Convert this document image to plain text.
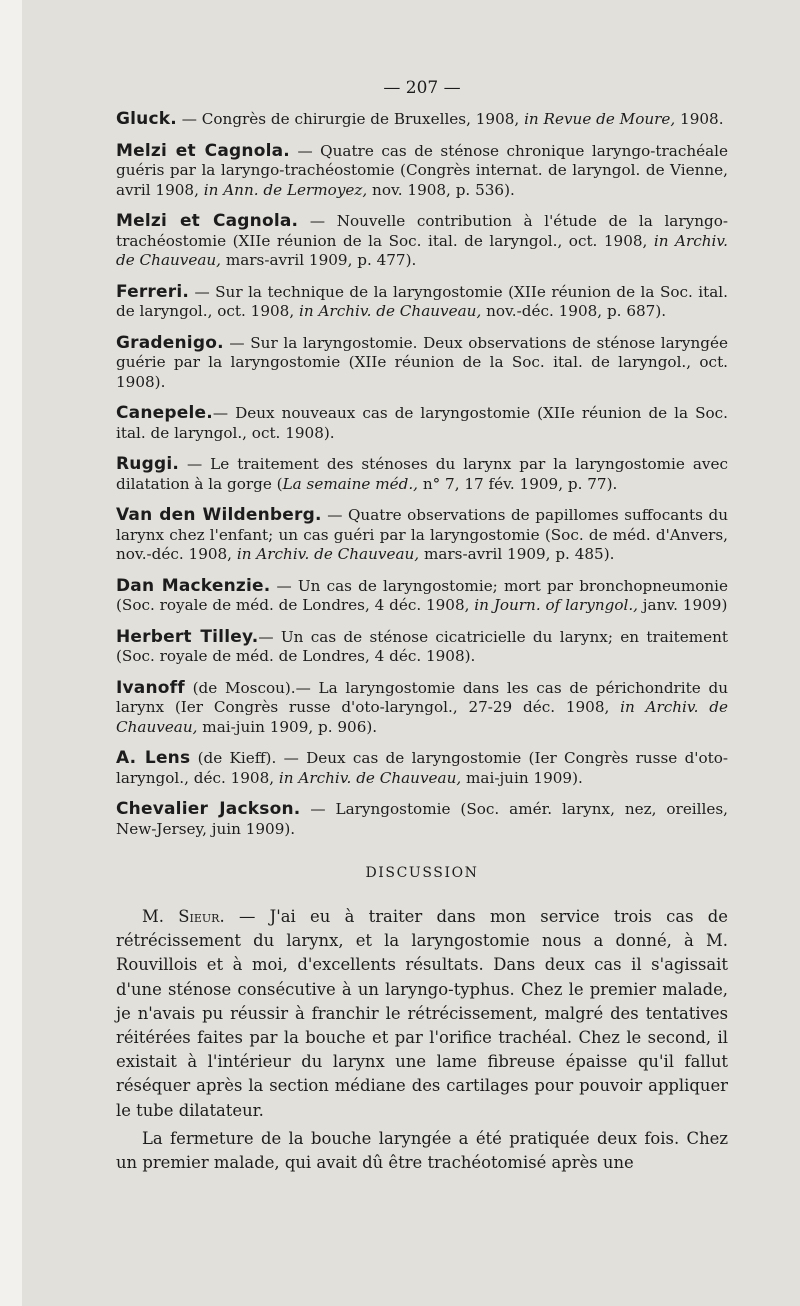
— 207 —

Gluck. — Congrès de chirurgie de Bruxelles, 1908, in Revue de Moure, 1908.

Melzi et Cagnola. — Quatre cas de sténose chronique laryngo-trachéale guéris par la laryngo-trachéostomie (Congrès internat. de laryngol. de Vienne, avril 1908, in Ann. de Lermoyez, nov. 1908, p. 536).

Melzi et Cagnola. — Nouvelle contribution à l'étude de la laryngo-trachéostomie (XIIe réunion de la Soc. ital. de laryngol., oct. 1908, in Archiv. de Chauveau, mars-avril 1909, p. 477).

Ferreri. — Sur la technique de la laryngostomie (XIIe réunion de la Soc. ital. de laryngol., oct. 1908, in Archiv. de Chauveau, nov.-déc. 1908, p. 687).

Gradenigo. — Sur la laryngostomie. Deux observations de sténose laryngée guérie par la laryngostomie (XIIe réunion de la Soc. ital. de laryngol., oct. 1908).

Canepele.— Deux nouveaux cas de laryngostomie (XIIe réunion de la Soc. ital. de laryngol., oct. 1908).

Ruggi. — Le traitement des sténoses du larynx par la laryngostomie avec dilatation à la gorge (La semaine méd., n° 7, 17 fév. 1909, p. 77).

Van den Wildenberg. — Quatre observations de papillomes suffocants du larynx chez l'enfant; un cas guéri par la laryngostomie (Soc. de méd. d'Anvers, nov.-déc. 1908, in Archiv. de Chauveau, mars-avril 1909, p. 485).

Dan Mackenzie. — Un cas de laryngostomie; mort par bronchopneumonie (Soc. royale de méd. de Londres, 4 déc. 1908, in Journ. of laryngol., janv. 1909)

Herbert Tilley.— Un cas de sténose cicatricielle du larynx; en traitement (Soc. royale de méd. de Londres, 4 déc. 1908).

Ivanoff (de Moscou).— La laryngostomie dans les cas de périchondrite du larynx (Ier Congrès russe d'oto-laryngol., 27-29 déc. 1908, in Archiv. de Chauveau, mai-juin 1909, p. 906).

A. Lens (de Kieff). — Deux cas de laryngostomie (Ier Congrès russe d'oto-laryngol., déc. 1908, in Archiv. de Chauveau, mai-juin 1909).

Chevalier Jackson. — Laryngostomie (Soc. amér. larynx, nez, oreilles, New-Jersey, juin 1909).

DISCUSSION

M. Sieur. — J'ai eu à traiter dans mon service trois cas de rétrécissement du larynx, et la laryngostomie nous a donné, à M. Rouvillois et à moi, d'excellents résultats. Dans deux cas il s'agissait d'une sténose consécutive à un laryngo-typhus. Chez le premier malade, je n'avais pu réussir à franchir le rétrécissement, malgré des tentatives réitérées faites par la bouche et par l'orifice trachéal. Chez le second, il existait à l'intérieur du larynx une lame fibreuse épaisse qu'il fallut réséquer après la section médiane des cartilages pour pouvoir appliquer le tube dilatateur.

La fermeture de la bouche laryngée a été pratiquée deux fois. Chez un premier malade, qui avait dû être trachéotomisé après une
